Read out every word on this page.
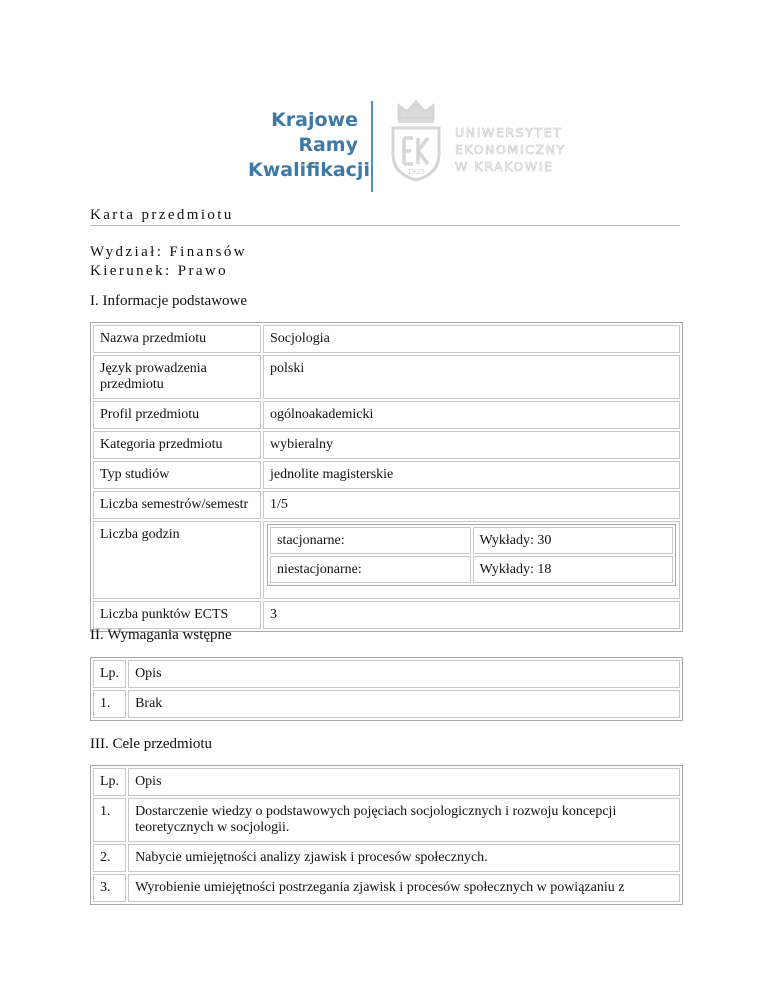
Krajowe
Ramy
Kwalifikacji	1925
UNIWERSYTET
EKONOMICZNY
W KRAKOWIE
Karta przedmiotu
Wydział: Finansów
Kierunek: Prawo
I. Informacje podstawowe
Nazwa przedmiotu	Socjologia
Język prowadzenia przedmiotu	polski
Profil przedmiotu	ogólnoakademicki
Kategoria przedmiotu	wybieralny
Typ studiów	jednolite magisterskie
Liczba semestrów/semestr	1/5
Liczba godzin		stacjonarne:	Wykłady: 30
niestacjonarne:	Wykłady: 18

Liczba punktów ECTS	3
II. Wymagania wstępne
Lp.	Opis
1.	Brak
III. Cele przedmiotu
Lp.	Opis
1.	Dostarczenie wiedzy o podstawowych pojęciach socjologicznych i rozwoju koncepcji teoretycznych w socjologii.
2.	Nabycie umiejętności analizy zjawisk i procesów społecznych.
3.	Wyrobienie umiejętności postrzegania zjawisk i procesów społecznych w powiązaniu z
